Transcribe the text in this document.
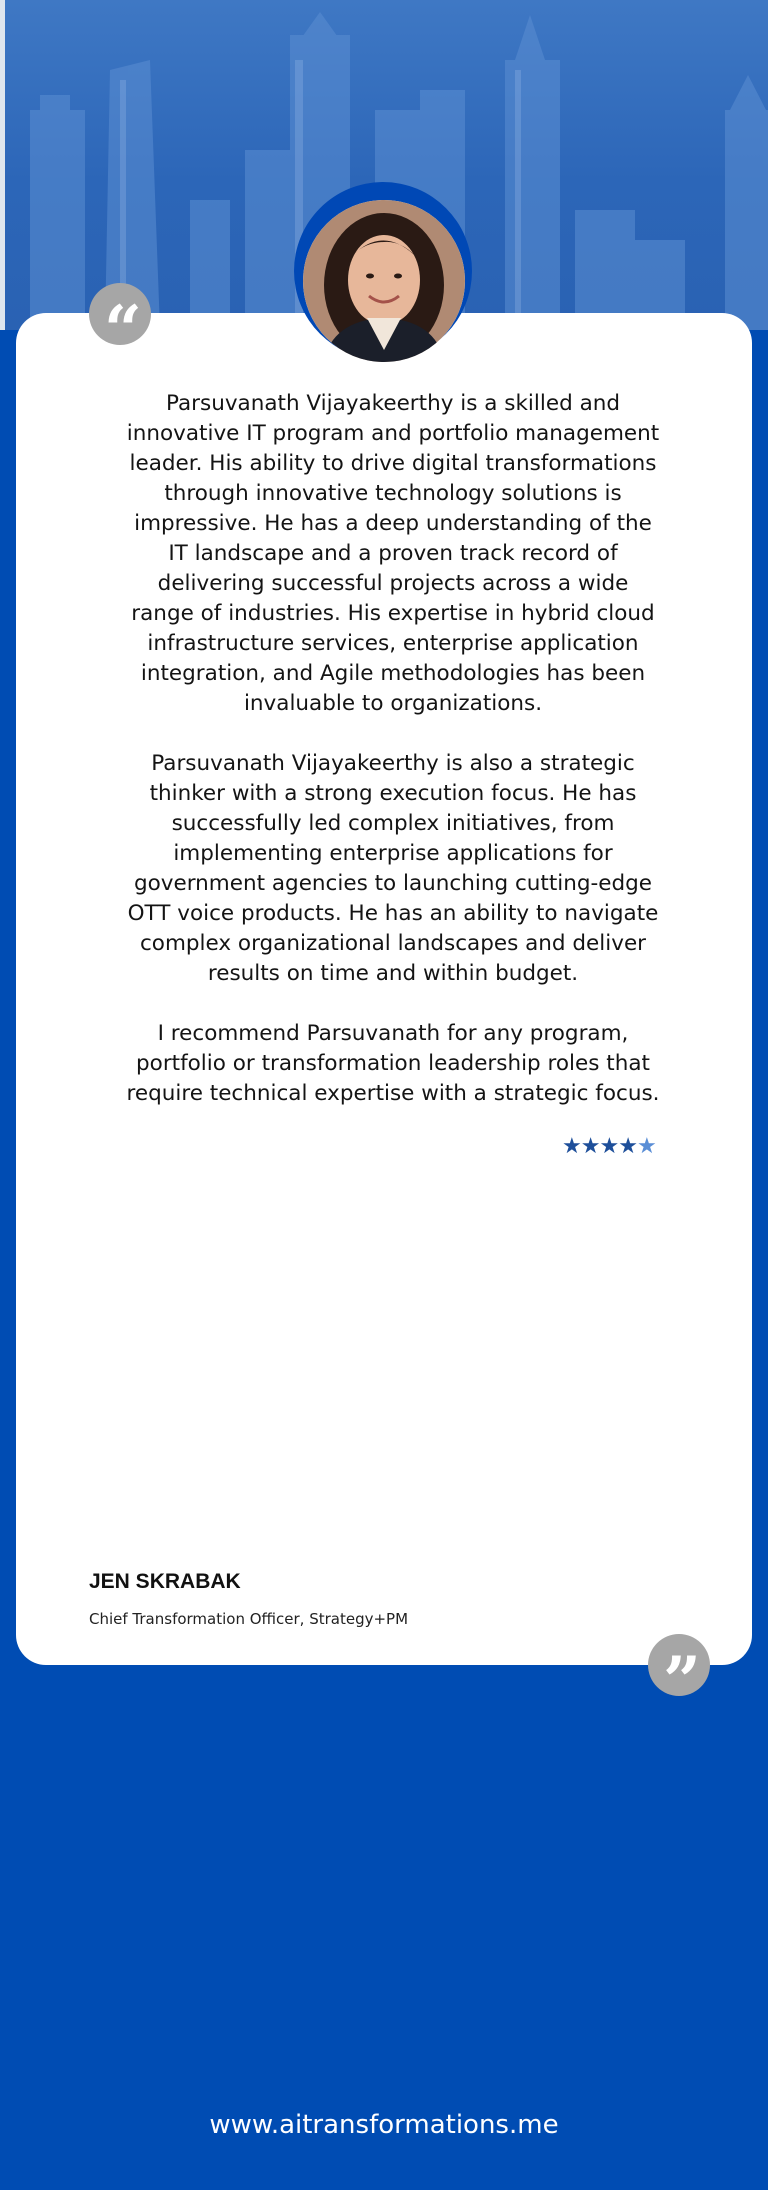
“

Parsuvanath Vijayakeerthy is a skilled and innovative IT program and portfolio management leader. His ability to drive digital transformations through innovative technology solutions is impressive. He has a deep understanding of the IT landscape and a proven track record of delivering successful projects across a wide range of industries. His expertise in hybrid cloud infrastructure services, enterprise application integration, and Agile methodologies has been invaluable to organizations.

Parsuvanath Vijayakeerthy is also a strategic thinker with a strong execution focus. He has successfully led complex initiatives, from implementing enterprise applications for government agencies to launching cutting-edge OTT voice products. He has an ability to navigate complex organizational landscapes and deliver results on time and within budget.

I recommend Parsuvanath for any program, portfolio or transformation leadership roles that require technical expertise with a strategic focus.

★★★★★
JEN SKRABAK
Chief Transformation Officer, Strategy+PM
”
www.aitransformations.me
